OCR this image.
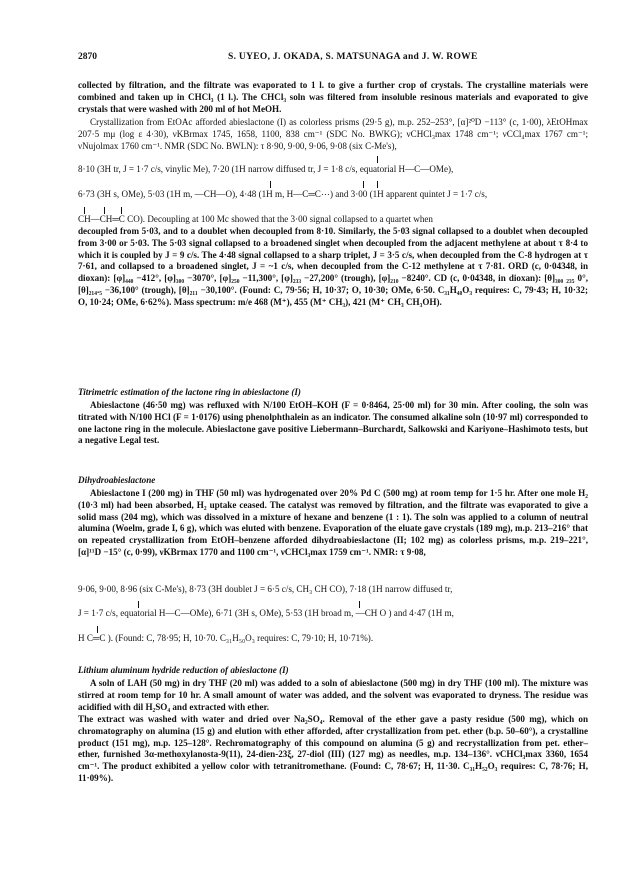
2870	S. UYEO, J. OKADA, S. MATSUNAGA and J. W. ROWE
collected by filtration, and the filtrate was evaporated to 1 l. to give a further crop of crystals. The crystalline materials were combined and taken up in CHCl₃ (1 l.). The CHCl₃ soln was filtered from insoluble resinous materials and evaporated to give crystals that were washed with 200 ml of hot MeOH.
Crystallization from EtOAc afforded abieslactone (I) as colorless prisms (29·5 g), m.p. 252–253°, [α]²⁰D −113° (c, 1·00), λEtOHmax 207·5 mμ (log ε 4·30), νKBrmax 1745, 1658, 1100, 838 cm⁻¹ (SDC No. BWKG); νCHCl₃max 1748 cm⁻¹; νCCl₄max 1767 cm⁻¹; νNujolmax 1760 cm⁻¹. NMR (SDC No. BWLN): τ 8·90, 9·00, 9·06, 9·08 (six C-Me's),
8·10 (3H tr, J = 1·7 c/s, vinylic Me), 7·20 (1H narrow diffused tr, J = 1·8 c/s, equatorial H—C—OMe),
6·73 (3H s, OMe), 5·03 (1H m, —CH—O), 4·48 (1H m, H—C═C⋯) and 3·00 (1H apparent quintet J = 1·7 c/s,
CH—CH═C CO). Decoupling at 100 Mc showed that the 3·00 signal collapsed to a quartet when
decoupled from 5·03, and to a doublet when decoupled from 8·10. Similarly, the 5·03 signal collapsed to a doublet when decoupled from 3·00 or 5·03. The 5·03 signal collapsed to a broadened singlet when decoupled from the adjacent methylene at about τ 8·4 to which it is coupled by J = 9 c/s. The 4·48 signal collapsed to a sharp triplet, J = 3·5 c/s, when decoupled from the C-8 hydrogen at τ 7·61, and collapsed to a broadened singlet, J = ~1 c/s, when decoupled from the C-12 methylene at τ 7·81. ORD (c, 0·04348, in dioxan): [φ]₄₄₀ −412°, [φ]₃₀₀ −3070°, [φ]₂₅₀ −11,300°, [φ]₂₃₃ −27,200° (trough), [φ]₂₁₀ −8240°. CD (c, 0·04348, in dioxan): [θ]₃₀₀ ₂₃₅ 0°, [θ]₂₁₄.₅ −36,100° (trough), [θ]₂₁₁ −30,100°. (Found: C, 79·56; H, 10·37; O, 10·30; OMe, 6·50. C₃₁H₄₈O₃ requires: C, 79·43; H, 10·32; O, 10·24; OMe, 6·62%). Mass spectrum: m/e 468 (M⁺), 455 (M⁺ CH₃), 421 (M⁺ CH₃ CH₃OH).
Titrimetric estimation of the lactone ring in abieslactone (I)
Abieslactone (46·50 mg) was refluxed with N/100 EtOH–KOH (F = 0·8464, 25·00 ml) for 30 min. After cooling, the soln was titrated with N/100 HCl (F = 1·0176) using phenolphthalein as an indicator. The consumed alkaline soln (10·97 ml) corresponded to one lactone ring in the molecule. Abieslactone gave positive Liebermann–Burchardt, Salkowski and Kariyone–Hashimoto tests, but a negative Legal test.
Dihydroabieslactone
Abieslactone I (200 mg) in THF (50 ml) was hydrogenated over 20% Pd C (500 mg) at room temp for 1·5 hr. After one mole H₂ (10·3 ml) had been absorbed, H₂ uptake ceased. The catalyst was removed by filtration, and the filtrate was evaporated to give a solid mass (204 mg), which was dissolved in a mixture of hexane and benzene (1 : 1). The soln was applied to a column of neutral alumina (Woelm, grade I, 6 g), which was eluted with benzene. Evaporation of the eluate gave crystals (189 mg), m.p. 213–216° that on repeated crystallization from EtOH–benzene afforded dihydroabieslactone (II; 102 mg) as colorless prisms, m.p. 219–221°, [α]¹¹D −15° (c, 0·99), νKBrmax 1770 and 1100 cm⁻¹, νCHCl₃max 1759 cm⁻¹. NMR: τ 9·08,
9·06, 9·00, 8·96 (six C-Me's), 8·73 (3H doublet J = 6·5 c/s, CH₃ CH CO), 7·18 (1H narrow diffused tr,
J = 1·7 c/s, equatorial H—C—OMe), 6·71 (3H s, OMe), 5·53 (1H broad m, —CH O ) and 4·47 (1H m,
H C═C ). (Found: C, 78·95; H, 10·70. C₃₁H₅₀O₃ requires: C, 79·10; H, 10·71%).
Lithium aluminum hydride reduction of abieslactone (I)
A soln of LAH (50 mg) in dry THF (20 ml) was added to a soln of abieslactone (500 mg) in dry THF (100 ml). The mixture was stirred at room temp for 10 hr. A small amount of water was added, and the solvent was evaporated to dryness. The residue was acidified with dil H₂SO₄ and extracted with ether.
The extract was washed with water and dried over Na₂SO₄. Removal of the ether gave a pasty residue (500 mg), which on chromatography on alumina (15 g) and elution with ether afforded, after crystallization from pet. ether (b.p. 50–60°), a crystalline product (151 mg), m.p. 125–128°. Rechromatography of this compound on alumina (5 g) and recrystallization from pet. ether–ether, furnished 3α-methoxylanosta-9(11), 24-dien-23ξ, 27-diol (III) (127 mg) as needles, m.p. 134–136°. νCHCl₃max 3360, 1654 cm⁻¹. The product exhibited a yellow color with tetranitromethane. (Found: C, 78·67; H, 11·30. C₃₁H₅₂O₃ requires: C, 78·76; H, 11·09%).
